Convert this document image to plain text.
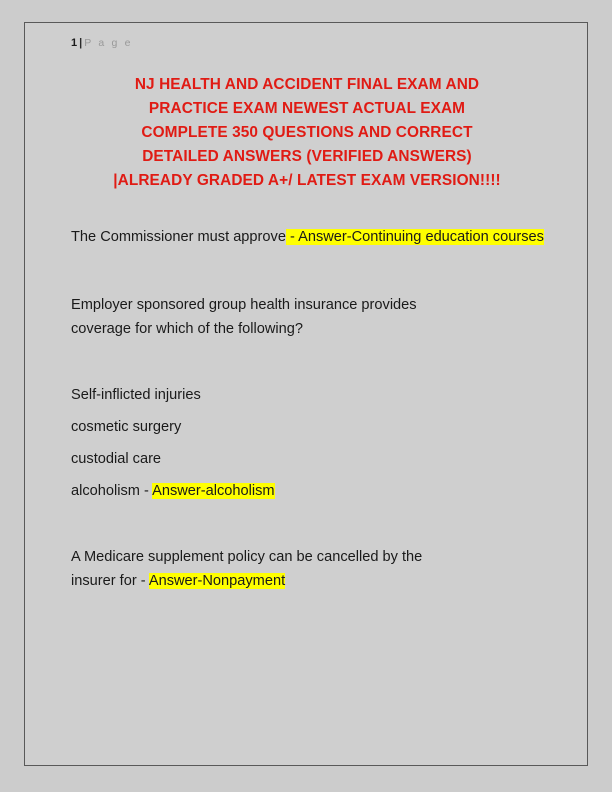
1 | P a g e
NJ HEALTH AND ACCIDENT FINAL EXAM AND
PRACTICE EXAM NEWEST ACTUAL EXAM
COMPLETE 350 QUESTIONS AND CORRECT
DETAILED ANSWERS (VERIFIED ANSWERS)
|ALREADY GRADED A+/ LATEST EXAM VERSION!!!!

The Commissioner must approve - Answer-Continuing education courses

Employer sponsored group health insurance provides

coverage for which of the following?

Self-inflicted injuries

cosmetic surgery

custodial care

alcoholism - Answer-alcoholism

A Medicare supplement policy can be cancelled by the

insurer for - Answer-Nonpayment
